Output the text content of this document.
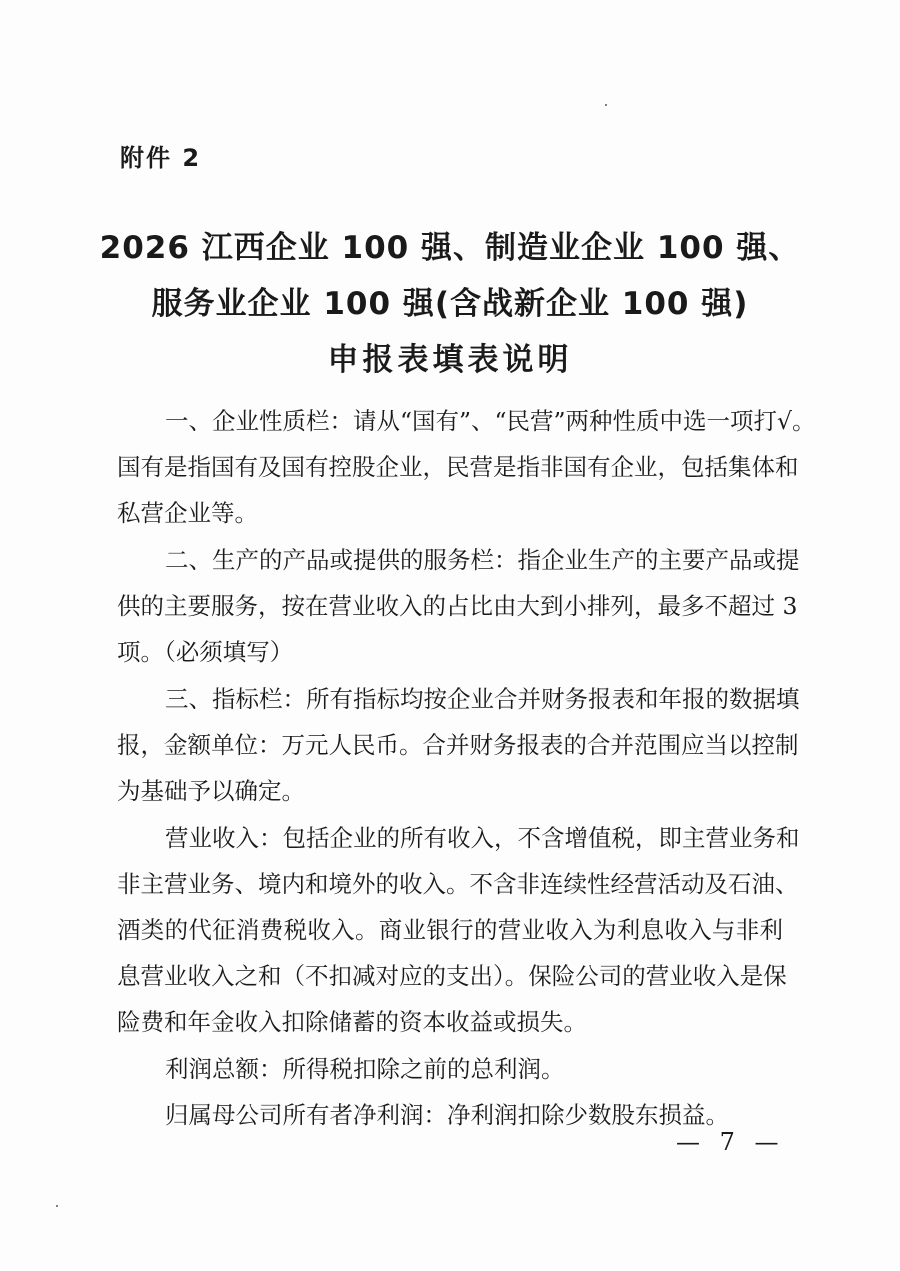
附件 2
2026 江西企业 100 强、制造业企业 100 强、
服务业企业 100 强(含战新企业 100 强)
申报表填表说明
一、企业性质栏：请从“国有”、“民营”两种性质中选一项打√。
国有是指国有及国有控股企业，民营是指非国有企业，包括集体和
私营企业等。
二、生产的产品或提供的服务栏：指企业生产的主要产品或提
供的主要服务，按在营业收入的占比由大到小排列，最多不超过 3
项。（必须填写）
三、指标栏：所有指标均按企业合并财务报表和年报的数据填
报，金额单位：万元人民币。合并财务报表的合并范围应当以控制
为基础予以确定。
营业收入：包括企业的所有收入，不含增值税，即主营业务和
非主营业务、境内和境外的收入。不含非连续性经营活动及石油、
酒类的代征消费税收入。商业银行的营业收入为利息收入与非利
息营业收入之和（不扣减对应的支出）。保险公司的营业收入是保
险费和年金收入扣除储蓄的资本收益或损失。
利润总额：所得税扣除之前的总利润。
归属母公司所有者净利润：净利润扣除少数股东损益。
— 7 —
